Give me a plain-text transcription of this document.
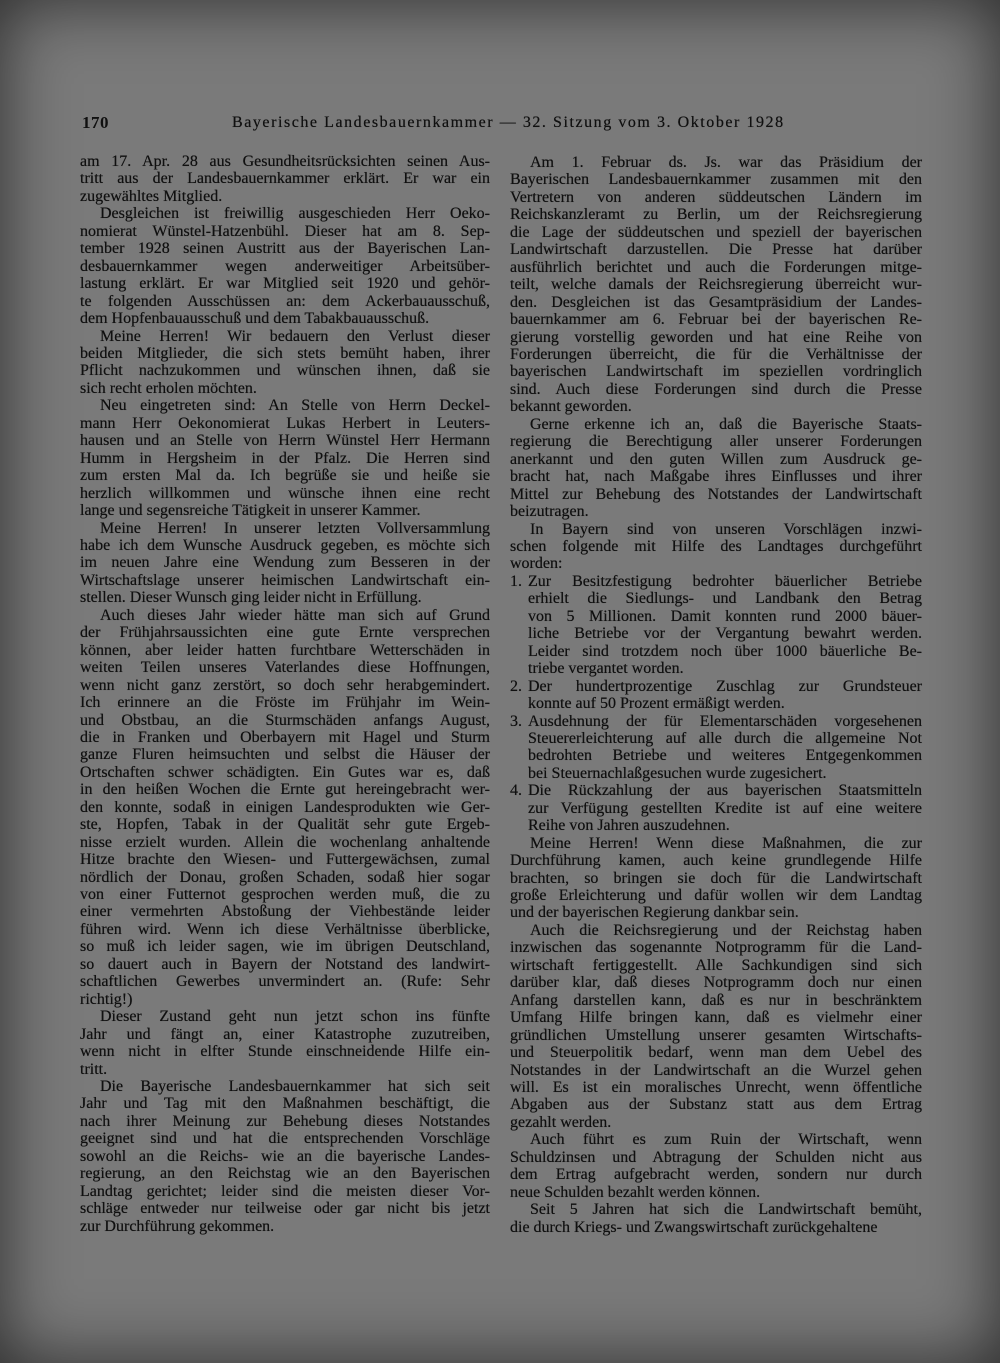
170	Bayerische Landesbauernkammer — 32. Sitzung vom 3. Oktober 1928
am 17. Apr. 28 aus Gesundheitsrücksichten seinen Aus-
tritt aus der Landesbauernkammer erklärt. Er war ein
zugewähltes Mitglied.
Desgleichen ist freiwillig ausgeschieden Herr Oeko-
nomierat Wünstel-Hatzenbühl. Dieser hat am 8. Sep-
tember 1928 seinen Austritt aus der Bayerischen Lan-
desbauernkammer wegen anderweitiger Arbeitsüber-
lastung erklärt. Er war Mitglied seit 1920 und gehör-
te folgenden Ausschüssen an: dem Ackerbauausschuß,
dem Hopfenbauausschuß und dem Tabakbauausschuß.
Meine Herren! Wir bedauern den Verlust dieser
beiden Mitglieder, die sich stets bemüht haben, ihrer
Pflicht nachzukommen und wünschen ihnen, daß sie
sich recht erholen möchten.
Neu eingetreten sind: An Stelle von Herrn Deckel-
mann Herr Oekonomierat Lukas Herbert in Leuters-
hausen und an Stelle von Herrn Wünstel Herr Hermann
Humm in Hergsheim in der Pfalz. Die Herren sind
zum ersten Mal da. Ich begrüße sie und heiße sie
herzlich willkommen und wünsche ihnen eine recht
lange und segensreiche Tätigkeit in unserer Kammer.
Meine Herren! In unserer letzten Vollversammlung
habe ich dem Wunsche Ausdruck gegeben, es möchte sich
im neuen Jahre eine Wendung zum Besseren in der
Wirtschaftslage unserer heimischen Landwirtschaft ein-
stellen. Dieser Wunsch ging leider nicht in Erfüllung.
Auch dieses Jahr wieder hätte man sich auf Grund
der Frühjahrsaussichten eine gute Ernte versprechen
können, aber leider hatten furchtbare Wetterschäden in
weiten Teilen unseres Vaterlandes diese Hoffnungen,
wenn nicht ganz zerstört, so doch sehr herabgemindert.
Ich erinnere an die Fröste im Frühjahr im Wein-
und Obstbau, an die Sturmschäden anfangs August,
die in Franken und Oberbayern mit Hagel und Sturm
ganze Fluren heimsuchten und selbst die Häuser der
Ortschaften schwer schädigten. Ein Gutes war es, daß
in den heißen Wochen die Ernte gut hereingebracht wer-
den konnte, sodaß in einigen Landesprodukten wie Ger-
ste, Hopfen, Tabak in der Qualität sehr gute Ergeb-
nisse erzielt wurden. Allein die wochenlang anhaltende
Hitze brachte den Wiesen- und Futtergewächsen, zumal
nördlich der Donau, großen Schaden, sodaß hier sogar
von einer Futternot gesprochen werden muß, die zu
einer vermehrten Abstoßung der Viehbestände leider
führen wird. Wenn ich diese Verhältnisse überblicke,
so muß ich leider sagen, wie im übrigen Deutschland,
so dauert auch in Bayern der Notstand des landwirt-
schaftlichen Gewerbes unvermindert an. (Rufe: Sehr
richtig!)
Dieser Zustand geht nun jetzt schon ins fünfte
Jahr und fängt an, einer Katastrophe zuzutreiben,
wenn nicht in elfter Stunde einschneidende Hilfe ein-
tritt.
Die Bayerische Landesbauernkammer hat sich seit
Jahr und Tag mit den Maßnahmen beschäftigt, die
nach ihrer Meinung zur Behebung dieses Notstandes
geeignet sind und hat die entsprechenden Vorschläge
sowohl an die Reichs- wie an die bayerische Landes-
regierung, an den Reichstag wie an den Bayerischen
Landtag gerichtet; leider sind die meisten dieser Vor-
schläge entweder nur teilweise oder gar nicht bis jetzt
zur Durchführung gekommen.
Am 1. Februar ds. Js. war das Präsidium der
Bayerischen Landesbauernkammer zusammen mit den
Vertretern von anderen süddeutschen Ländern im
Reichskanzleramt zu Berlin, um der Reichsregierung
die Lage der süddeutschen und speziell der bayerischen
Landwirtschaft darzustellen. Die Presse hat darüber
ausführlich berichtet und auch die Forderungen mitge-
teilt, welche damals der Reichsregierung überreicht wur-
den. Desgleichen ist das Gesamtpräsidium der Landes-
bauernkammer am 6. Februar bei der bayerischen Re-
gierung vorstellig geworden und hat eine Reihe von
Forderungen überreicht, die für die Verhältnisse der
bayerischen Landwirtschaft im speziellen vordringlich
sind. Auch diese Forderungen sind durch die Presse
bekannt geworden.
Gerne erkenne ich an, daß die Bayerische Staats-
regierung die Berechtigung aller unserer Forderungen
anerkannt und den guten Willen zum Ausdruck ge-
bracht hat, nach Maßgabe ihres Einflusses und ihrer
Mittel zur Behebung des Notstandes der Landwirtschaft
beizutragen.
In Bayern sind von unseren Vorschlägen inzwi-
schen folgende mit Hilfe des Landtages durchgeführt
worden:
1. Zur Besitzfestigung bedrohter bäuerlicher Betriebe
erhielt die Siedlungs- und Landbank den Betrag
von 5 Millionen. Damit konnten rund 2000 bäuer-
liche Betriebe vor der Vergantung bewahrt werden.
Leider sind trotzdem noch über 1000 bäuerliche Be-
triebe vergantet worden.
2. Der hundertprozentige Zuschlag zur Grundsteuer
konnte auf 50 Prozent ermäßigt werden.
3. Ausdehnung der für Elementarschäden vorgesehenen
Steuererleichterung auf alle durch die allgemeine Not
bedrohten Betriebe und weiteres Entgegenkommen
bei Steuernachlaßgesuchen wurde zugesichert.
4. Die Rückzahlung der aus bayerischen Staatsmitteln
zur Verfügung gestellten Kredite ist auf eine weitere
Reihe von Jahren auszudehnen.
Meine Herren! Wenn diese Maßnahmen, die zur
Durchführung kamen, auch keine grundlegende Hilfe
brachten, so bringen sie doch für die Landwirtschaft
große Erleichterung und dafür wollen wir dem Landtag
und der bayerischen Regierung dankbar sein.
Auch die Reichsregierung und der Reichstag haben
inzwischen das sogenannte Notprogramm für die Land-
wirtschaft fertiggestellt. Alle Sachkundigen sind sich
darüber klar, daß dieses Notprogramm doch nur einen
Anfang darstellen kann, daß es nur in beschränktem
Umfang Hilfe bringen kann, daß es vielmehr einer
gründlichen Umstellung unserer gesamten Wirtschafts-
und Steuerpolitik bedarf, wenn man dem Uebel des
Notstandes in der Landwirtschaft an die Wurzel gehen
will. Es ist ein moralisches Unrecht, wenn öffentliche
Abgaben aus der Substanz statt aus dem Ertrag
gezahlt werden.
Auch führt es zum Ruin der Wirtschaft, wenn
Schuldzinsen und Abtragung der Schulden nicht aus
dem Ertrag aufgebracht werden, sondern nur durch
neue Schulden bezahlt werden können.
Seit 5 Jahren hat sich die Landwirtschaft bemüht,
die durch Kriegs- und Zwangswirtschaft zurückgehaltene
